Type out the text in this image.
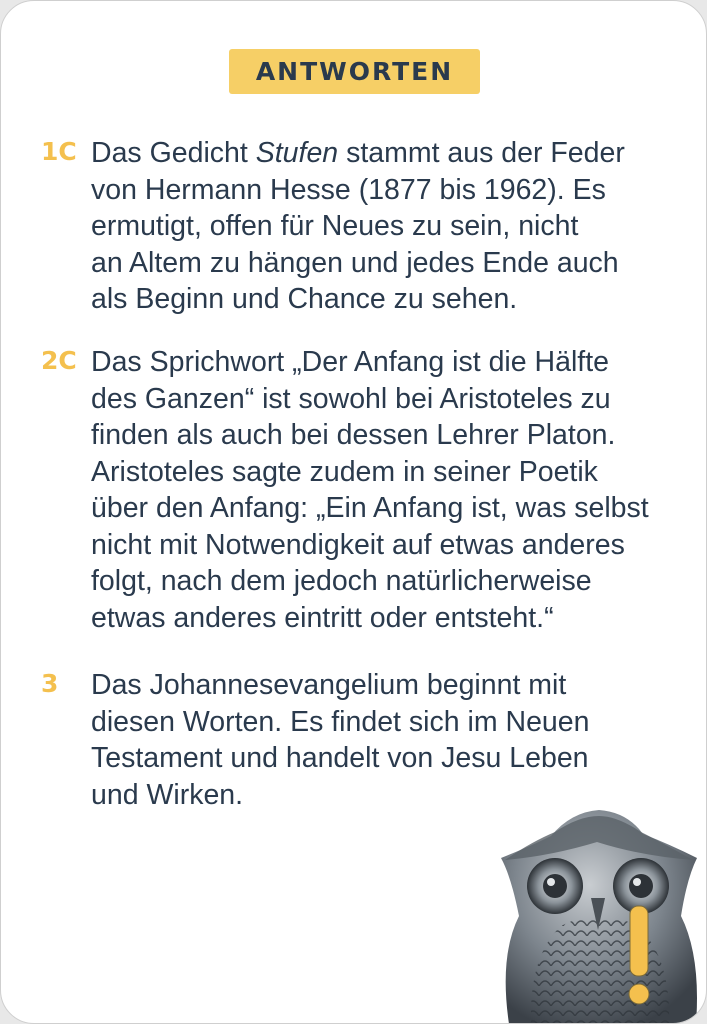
ANTWORTEN
1C Das Gedicht Stufen stammt aus der Feder
von Hermann Hesse (1877 bis 1962). Es
ermutigt, offen für Neues zu sein, nicht
an Altem zu hängen und jedes Ende auch
als Beginn und Chance zu sehen.
2C Das Sprichwort „Der Anfang ist die Hälfte
des Ganzen“ ist sowohl bei Aristoteles zu
finden als auch bei dessen Lehrer Platon.
Aristoteles sagte zudem in seiner Poetik
über den Anfang: „Ein Anfang ist, was selbst
nicht mit Notwendigkeit auf etwas anderes
folgt, nach dem jedoch natürlicherweise
etwas anderes eintritt oder entsteht.“
3 Das Johannesevangelium beginnt mit
diesen Worten. Es findet sich im Neuen
Testament und handelt von Jesu Leben
und Wirken.
